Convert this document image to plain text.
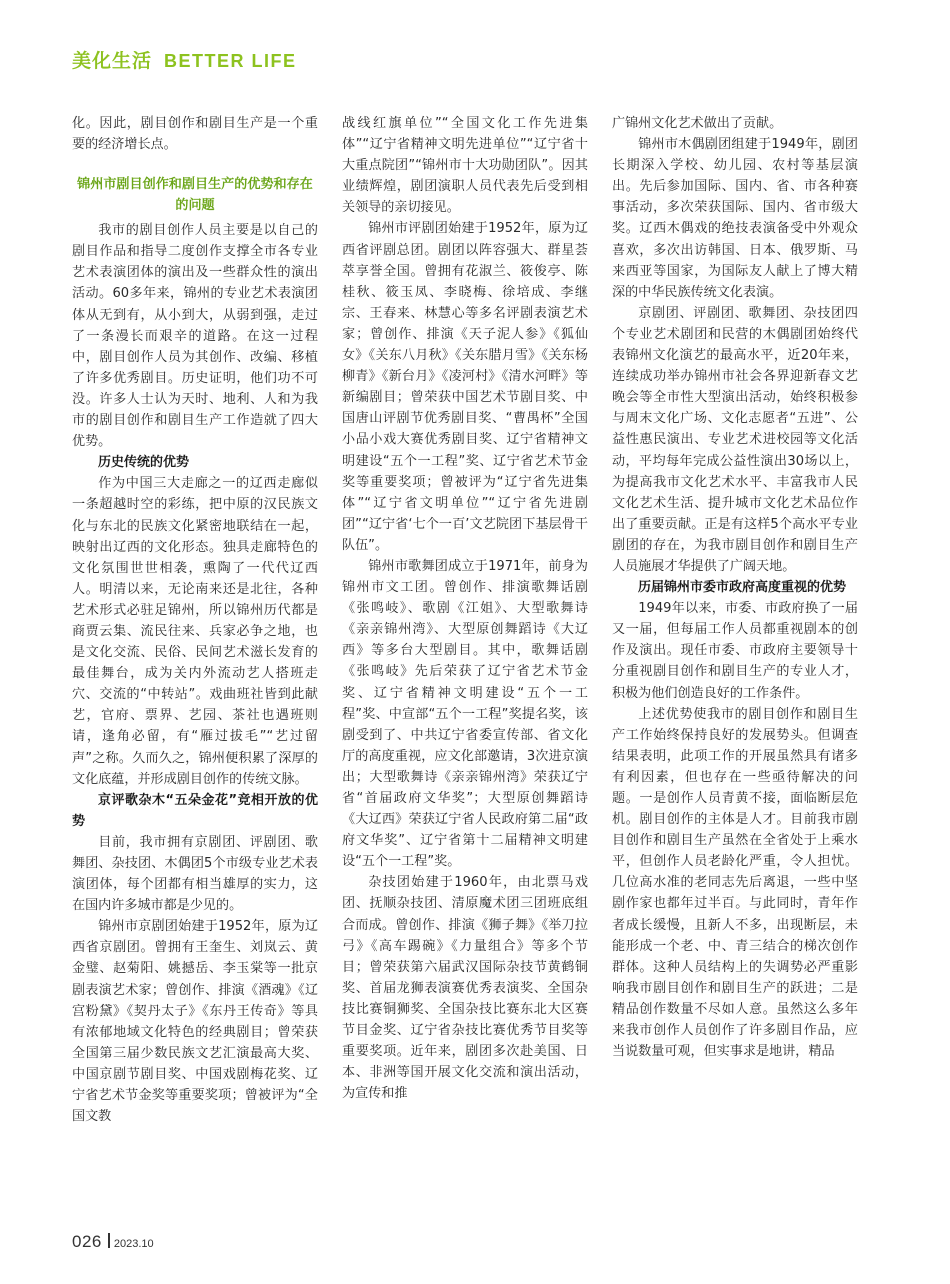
美化生活 BETTER LIFE

化。因此，剧目创作和剧目生产是一个重要的经济增长点。

锦州市剧目创作和剧目生产的优势和存在的问题

我市的剧目创作人员主要是以自己的剧目作品和指导二度创作支撑全市各专业艺术表演团体的演出及一些群众性的演出活动。60多年来，锦州的专业艺术表演团体从无到有，从小到大，从弱到强，走过了一条漫长而艰辛的道路。在这一过程中，剧目创作人员为其创作、改编、移植了许多优秀剧目。历史证明，他们功不可没。许多人士认为天时、地利、人和为我市的剧目创作和剧目生产工作造就了四大优势。

历史传统的优势

作为中国三大走廊之一的辽西走廊似一条超越时空的彩练，把中原的汉民族文化与东北的民族文化紧密地联结在一起，映射出辽西的文化形态。独具走廊特色的文化氛围世世相袭，熏陶了一代代辽西人。明清以来，无论南来还是北往，各种艺术形式必驻足锦州，所以锦州历代都是商贾云集、流民往来、兵家必争之地，也是文化交流、民俗、民间艺术滋长发育的最佳舞台，成为关内外流动艺人搭班走穴、交流的“中转站”。戏曲班社皆到此献艺，官府、票界、艺园、茶社也遇班则请，逢角必留，有“雁过拔毛”“艺过留声”之称。久而久之，锦州便积累了深厚的文化底蕴，并形成剧目创作的传统文脉。

京评歌杂木“五朵金花”竞相开放的优势

目前，我市拥有京剧团、评剧团、歌舞团、杂技团、木偶团5个市级专业艺术表演团体，每个团都有相当雄厚的实力，这在国内许多城市都是少见的。

锦州市京剧团始建于1952年，原为辽西省京剧团。曾拥有王奎生、刘岚云、黄金璧、赵菊阳、姚撼岳、李玉棠等一批京剧表演艺术家；曾创作、排演《酒魂》《辽宫粉黛》《契丹太子》《东丹王传奇》等具有浓郁地域文化特色的经典剧目；曾荣获全国第三届少数民族文艺汇演最高大奖、中国京剧节剧目奖、中国戏剧梅花奖、辽宁省艺术节金奖等重要奖项；曾被评为“全国文教

战线红旗单位”“全国文化工作先进集体”“辽宁省精神文明先进单位”“辽宁省十大重点院团”“锦州市十大功勋团队”。因其业绩辉煌，剧团演职人员代表先后受到相关领导的亲切接见。

锦州市评剧团始建于1952年，原为辽西省评剧总团。剧团以阵容强大、群星荟萃享誉全国。曾拥有花淑兰、筱俊亭、陈桂秋、筱玉凤、李晓梅、徐培成、李继宗、王春来、林慧心等多名评剧表演艺术家；曾创作、排演《天子泥人参》《狐仙女》《关东八月秋》《关东腊月雪》《关东杨柳青》《新台月》《凌河村》《清水河畔》等新编剧目；曾荣获中国艺术节剧目奖、中国唐山评剧节优秀剧目奖、“曹禺杯”全国小品小戏大赛优秀剧目奖、辽宁省精神文明建设“五个一工程”奖、辽宁省艺术节金奖等重要奖项；曾被评为“辽宁省先进集体”“辽宁省文明单位”“辽宁省先进剧团”“辽宁省‘七个一百’文艺院团下基层骨干队伍”。

锦州市歌舞团成立于1971年，前身为锦州市文工团。曾创作、排演歌舞话剧《张鸣岐》、歌剧《江姐》、大型歌舞诗《亲亲锦州湾》、大型原创舞蹈诗《大辽西》等多台大型剧目。其中，歌舞话剧《张鸣岐》先后荣获了辽宁省艺术节金奖、辽宁省精神文明建设“五个一工程”奖、中宣部“五个一工程”奖提名奖，该剧受到了、中共辽宁省委宣传部、省文化厅的高度重视，应文化部邀请，3次进京演出；大型歌舞诗《亲亲锦州湾》荣获辽宁省“首届政府文华奖”；大型原创舞蹈诗《大辽西》荣获辽宁省人民政府第二届“政府文华奖”、辽宁省第十二届精神文明建设“五个一工程”奖。

杂技团始建于1960年，由北票马戏团、抚顺杂技团、清原魔术团三团班底组合而成。曾创作、排演《狮子舞》《举刀拉弓》《高车踢碗》《力量组合》等多个节目；曾荣获第六届武汉国际杂技节黄鹤铜奖、首届龙狮表演赛优秀表演奖、全国杂技比赛铜狮奖、全国杂技比赛东北大区赛节目金奖、辽宁省杂技比赛优秀节目奖等重要奖项。近年来，剧团多次赴美国、日本、非洲等国开展文化交流和演出活动，为宣传和推

广锦州文化艺术做出了贡献。

锦州市木偶剧团组建于1949年，剧团长期深入学校、幼儿园、农村等基层演出。先后参加国际、国内、省、市各种赛事活动，多次荣获国际、国内、省市级大奖。辽西木偶戏的绝技表演备受中外观众喜欢，多次出访韩国、日本、俄罗斯、马来西亚等国家，为国际友人献上了博大精深的中华民族传统文化表演。

京剧团、评剧团、歌舞团、杂技团四个专业艺术剧团和民营的木偶剧团始终代表锦州文化演艺的最高水平，近20年来，连续成功举办锦州市社会各界迎新春文艺晚会等全市性大型演出活动，始终积极参与周末文化广场、文化志愿者“五进”、公益性惠民演出、专业艺术进校园等文化活动，平均每年完成公益性演出30场以上，为提高我市文化艺术水平、丰富我市人民文化艺术生活、提升城市文化艺术品位作出了重要贡献。正是有这样5个高水平专业剧团的存在，为我市剧目创作和剧目生产人员施展才华提供了广阔天地。

历届锦州市委市政府高度重视的优势

1949年以来，市委、市政府换了一届又一届，但每届工作人员都重视剧本的创作及演出。现任市委、市政府主要领导十分重视剧目创作和剧目生产的专业人才，积极为他们创造良好的工作条件。

上述优势使我市的剧目创作和剧目生产工作始终保持良好的发展势头。但调查结果表明，此项工作的开展虽然具有诸多有利因素，但也存在一些亟待解决的问题。一是创作人员青黄不接，面临断层危机。剧目创作的主体是人才。目前我市剧目创作和剧目生产虽然在全省处于上乘水平，但创作人员老龄化严重，令人担忧。几位高水准的老同志先后离退，一些中坚剧作家也都年过半百。与此同时，青年作者成长缓慢，且新人不多，出现断层，未能形成一个老、中、青三结合的梯次创作群体。这种人员结构上的失调势必严重影响我市剧目创作和剧目生产的跃进；二是精品创作数量不尽如人意。虽然这么多年来我市创作人员创作了许多剧目作品，应当说数量可观，但实事求是地讲，精品

026 2023.10
